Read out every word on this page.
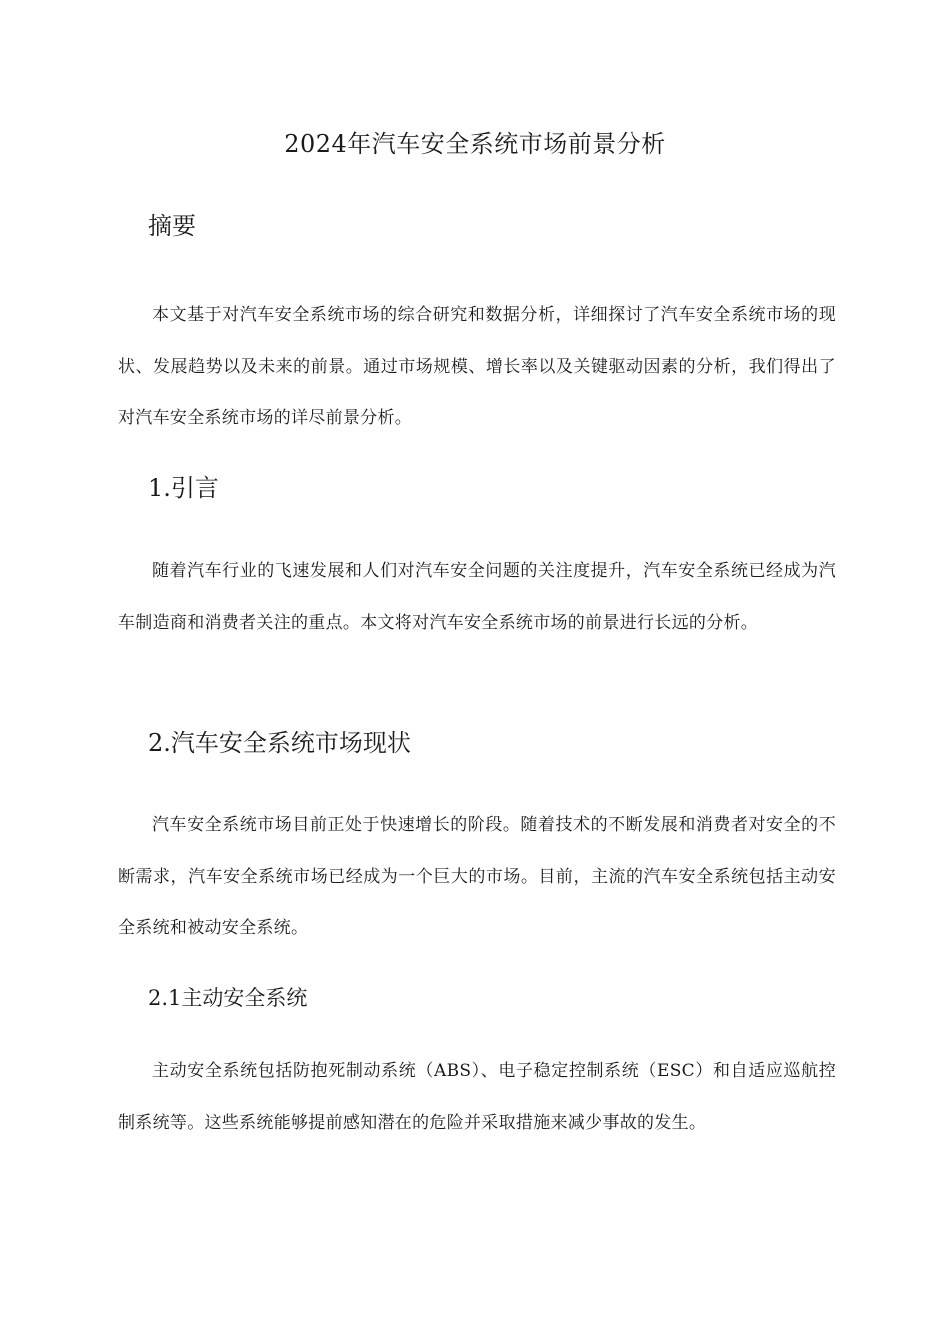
2024年汽车安全系统市场前景分析
摘要
本文基于对汽车安全系统市场的综合研究和数据分析，详细探讨了汽车安全系统市场的现状、发展趋势以及未来的前景。通过市场规模、增长率以及关键驱动因素的分析，我们得出了对汽车安全系统市场的详尽前景分析。
1.引言
随着汽车行业的飞速发展和人们对汽车安全问题的关注度提升，汽车安全系统已经成为汽车制造商和消费者关注的重点。本文将对汽车安全系统市场的前景进行长远的分析。
2.汽车安全系统市场现状
汽车安全系统市场目前正处于快速增长的阶段。随着技术的不断发展和消费者对安全的不断需求，汽车安全系统市场已经成为一个巨大的市场。目前，主流的汽车安全系统包括主动安全系统和被动安全系统。
2.1主动安全系统
主动安全系统包括防抱死制动系统（ABS）、电子稳定控制系统（ESC）和自适应巡航控制系统等。这些系统能够提前感知潜在的危险并采取措施来减少事故的发生。
